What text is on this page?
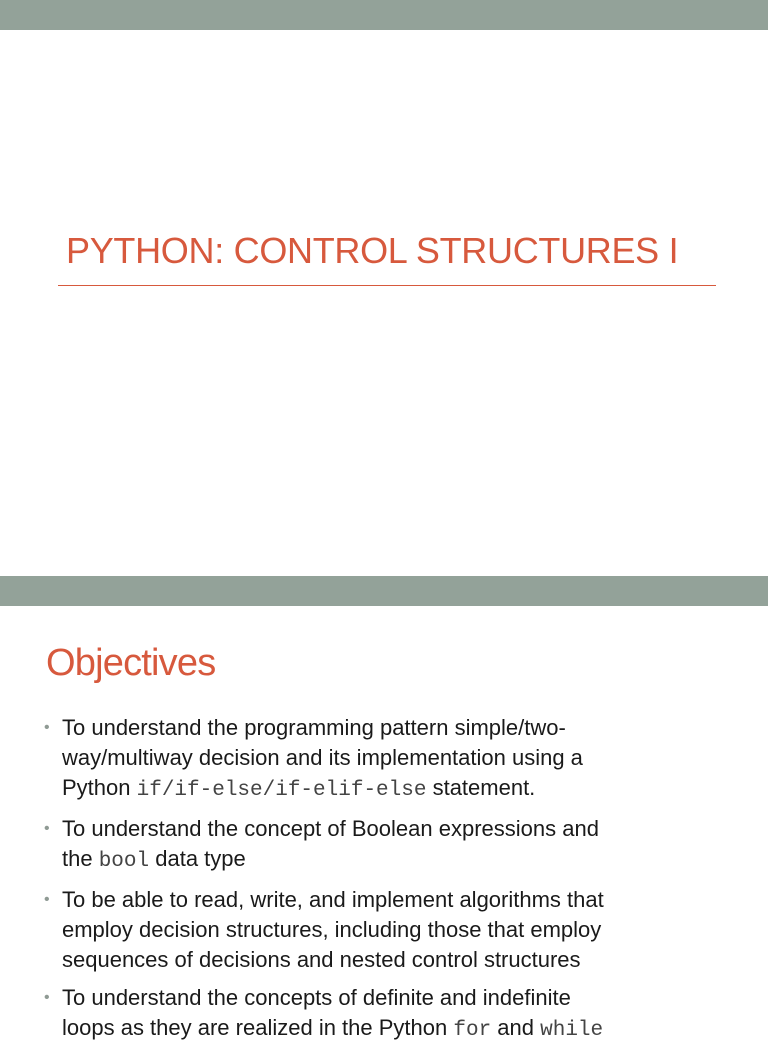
PYTHON: CONTROL STRUCTURES I
Objectives
• To understand the programming pattern simple/two-
way/multiway decision and its implementation using a
Python if/if-else/if-elif-else statement.
• To understand the concept of Boolean expressions and
the bool data type
• To be able to read, write, and implement algorithms that
employ decision structures, including those that employ
sequences of decisions and nested control structures
• To understand the concepts of definite and indefinite
loops as they are realized in the Python for and while
